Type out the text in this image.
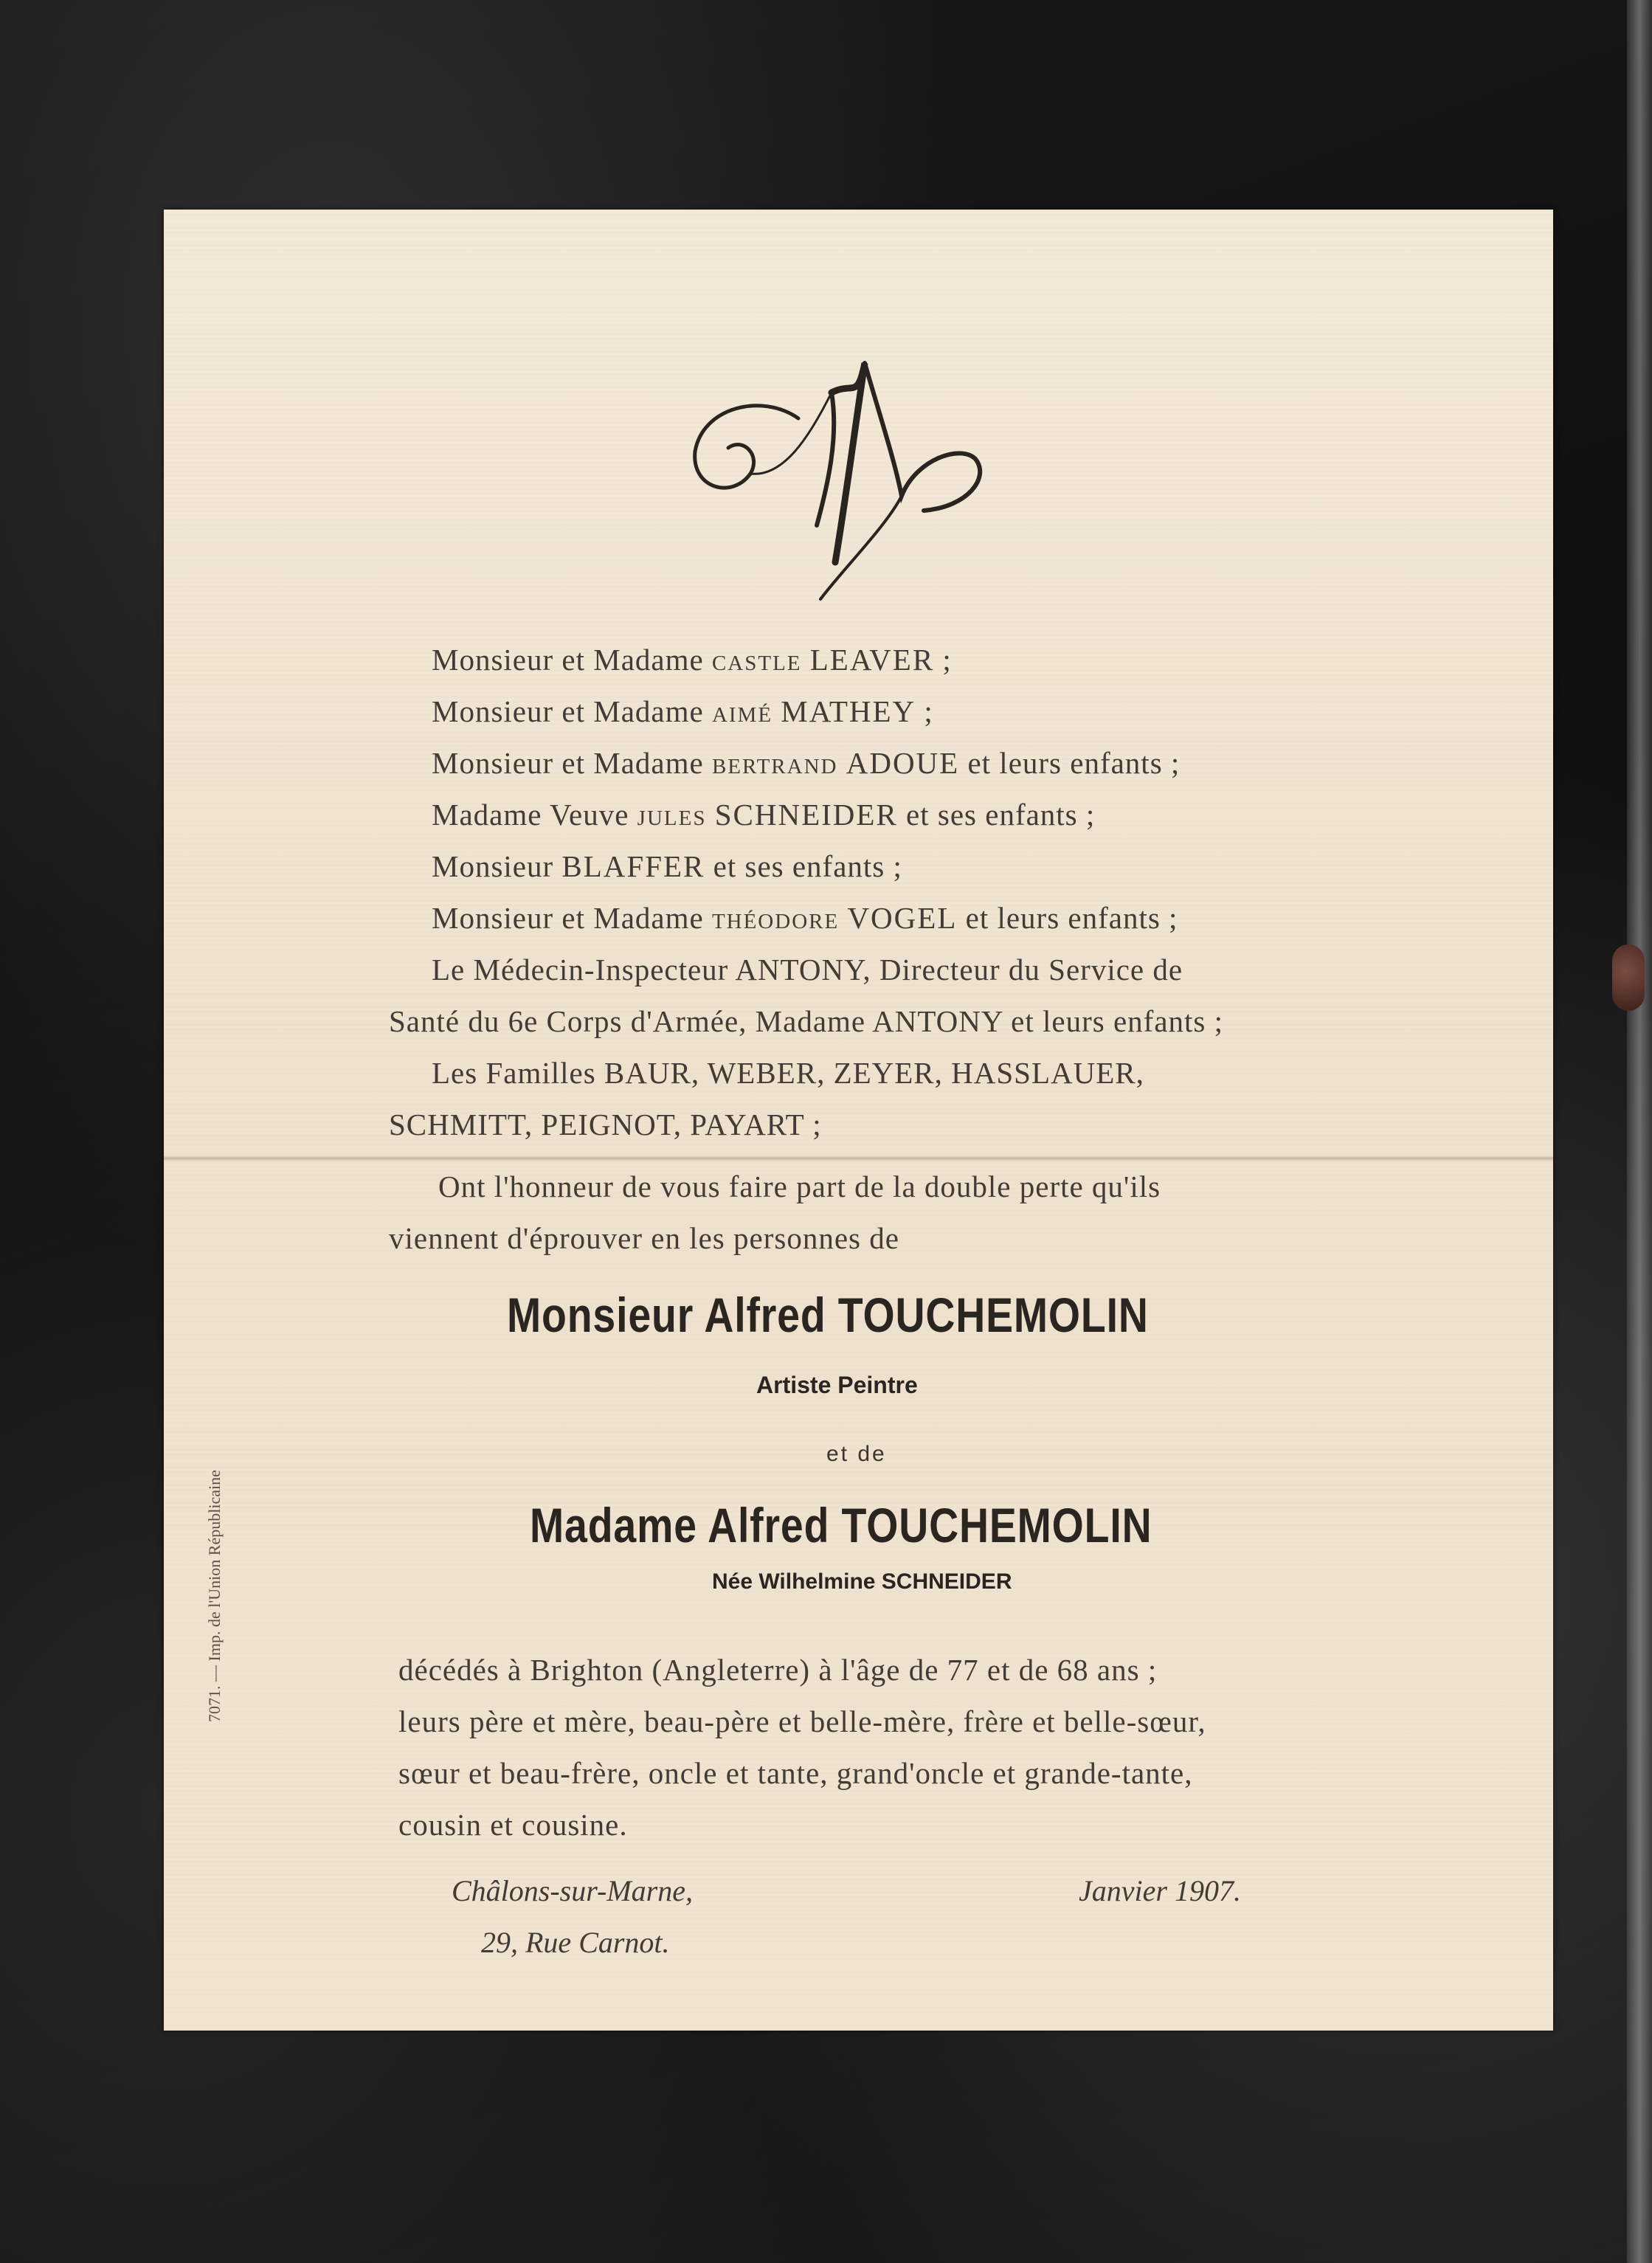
Monsieur et Madame CASTLE LEAVER ;
Monsieur et Madame AIMÉ MATHEY ;
Monsieur et Madame BERTRAND ADOUE et leurs enfants ;
Madame Veuve JULES SCHNEIDER et ses enfants ;
Monsieur BLAFFER et ses enfants ;
Monsieur et Madame THÉODORE VOGEL et leurs enfants ;
Le Médecin-Inspecteur ANTONY, Directeur du Service de
Santé du 6e Corps d'Armée, Madame ANTONY et leurs enfants ;
Les Familles BAUR, WEBER, ZEYER, HASSLAUER,
SCHMITT, PEIGNOT, PAYART ;
Ont l'honneur de vous faire part de la double perte qu'ils
viennent d'éprouver en les personnes de
Monsieur Alfred TOUCHEMOLIN
Artiste Peintre
et de
Madame Alfred TOUCHEMOLIN
Née Wilhelmine SCHNEIDER
décédés à Brighton (Angleterre) à l'âge de 77 et de 68 ans ;
leurs père et mère, beau-père et belle-mère, frère et belle-sœur,
sœur et beau-frère, oncle et tante, grand'oncle et grande-tante,
cousin et cousine.
Châlons-sur-Marne,
29, Rue Carnot.
Janvier 1907.
7071. — Imp. de l'Union Républicaine
